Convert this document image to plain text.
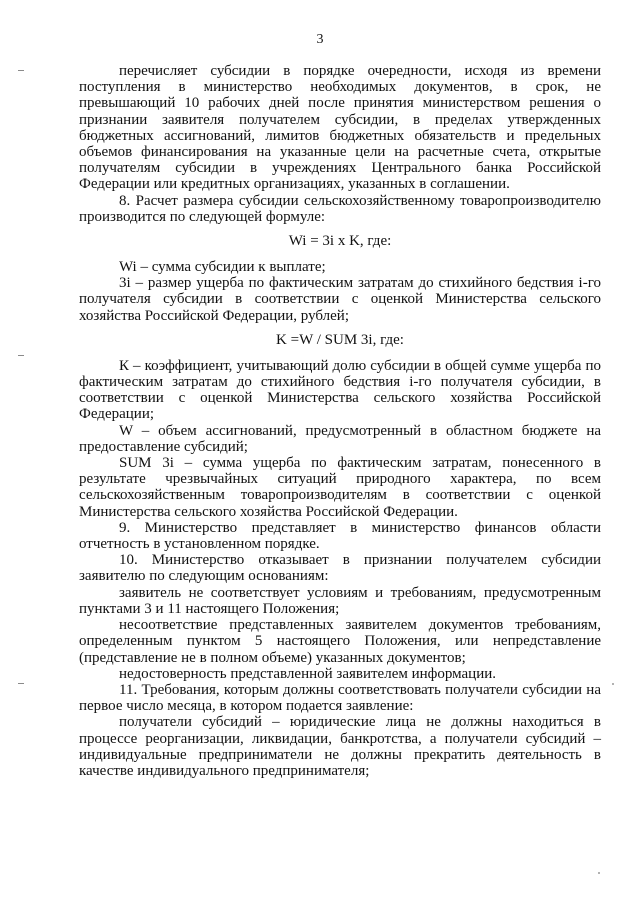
3

перечисляет субсидии в порядке очередности, исходя из времени поступления в министерство необходимых документов, в срок, не превышающий 10 рабочих дней после принятия министерством решения о признании заявителя получателем субсидии, в пределах утвержденных бюджетных ассигнований, лимитов бюджетных обязательств и предельных объемов финансирования на указанные цели на расчетные счета, открытые получателям субсидии в учреждениях Центрального банка Российской Федерации или кредитных организациях, указанных в соглашении.

8. Расчет размера субсидии сельскохозяйственному товаропроизводителю производится по следующей формуле:

Wi = 3i x K, где:

Wi – сумма субсидии к выплате;

3i – размер ущерба по фактическим затратам до стихийного бедствия i-го получателя субсидии в соответствии с оценкой Министерства сельского хозяйства Российской Федерации, рублей;

K =W / SUM 3i, где:

К – коэффициент, учитывающий долю субсидии в общей сумме ущерба по фактическим затратам до стихийного бедствия i-го получателя субсидии, в соответствии с оценкой Министерства сельского хозяйства Российской Федерации;

W – объем ассигнований, предусмотренный в областном бюджете на предоставление субсидий;

SUM 3i – сумма ущерба по фактическим затратам, понесенного в результате чрезвычайных ситуаций природного характера, по всем сельскохозяйственным товаропроизводителям в соответствии с оценкой Министерства сельского хозяйства Российской Федерации.

9. Министерство представляет в министерство финансов области отчетность в установленном порядке.

10. Министерство отказывает в признании получателем субсидии заявителю по следующим основаниям:

заявитель не соответствует условиям и требованиям, предусмотренным пунктами 3 и 11 настоящего Положения;

несоответствие представленных заявителем документов требованиям, определенным пунктом 5 настоящего Положения, или непредставление (представление не в полном объеме) указанных документов;

недостоверность представленной заявителем информации.

11. Требования, которым должны соответствовать получатели субсидии на первое число месяца, в котором подается заявление:

получатели субсидий – юридические лица не должны находиться в процессе реорганизации, ликвидации, банкротства, а получатели субсидий – индивидуальные предприниматели не должны прекратить деятельность в качестве индивидуального предпринимателя;
